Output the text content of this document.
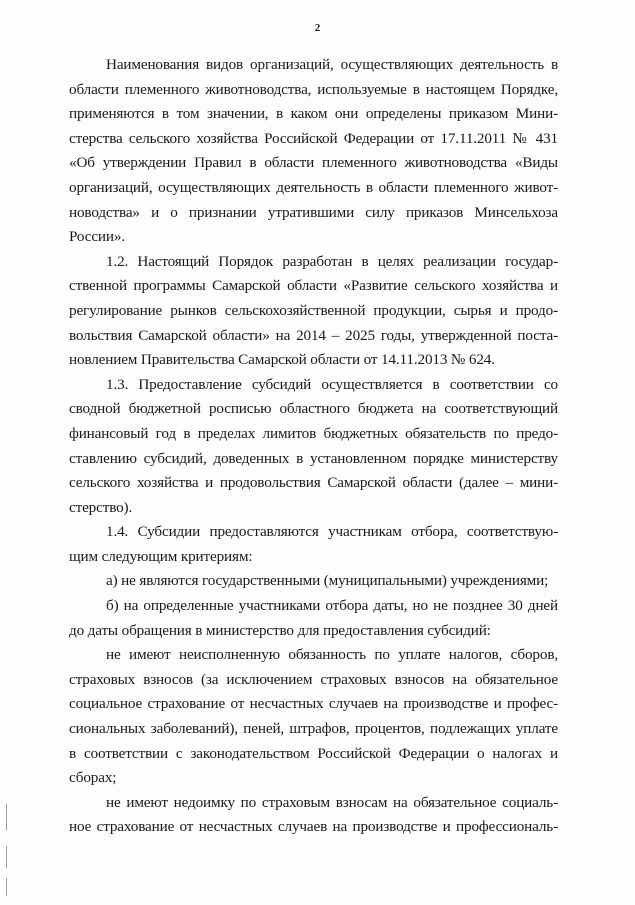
2
Наименования видов организаций, осуществляющих деятельность в
области племенного животноводства, используемые в настоящем Порядке,
применяются в том значении, в каком они определены приказом Мини-
стерства сельского хозяйства Российской Федерации от 17.11.2011 № 431
«Об утверждении Правил в области племенного животноводства «Виды
организаций, осуществляющих деятельность в области племенного живот-
новодства» и о признании утратившими силу приказов Минсельхоза
России».
1.2. Настоящий Порядок разработан в целях реализации государ-
ственной программы Самарской области «Развитие сельского хозяйства и
регулирование рынков сельскохозяйственной продукции, сырья и продо-
вольствия Самарской области» на 2014 – 2025 годы, утвержденной поста-
новлением Правительства Самарской области от 14.11.2013 № 624.
1.3. Предоставление субсидий осуществляется в соответствии со
сводной бюджетной росписью областного бюджета на соответствующий
финансовый год в пределах лимитов бюджетных обязательств по предо-
ставлению субсидий, доведенных в установленном порядке министерству
сельского хозяйства и продовольствия Самарской области (далее – мини-
стерство).
1.4. Субсидии предоставляются участникам отбора, соответствую-
щим следующим критериям:
а) не являются государственными (муниципальными) учреждениями;
б) на определенные участниками отбора даты, но не позднее 30 дней
до даты обращения в министерство для предоставления субсидий:
не имеют неисполненную обязанность по уплате налогов, сборов,
страховых взносов (за исключением страховых взносов на обязательное
социальное страхование от несчастных случаев на производстве и профес-
сиональных заболеваний), пеней, штрафов, процентов, подлежащих уплате
в соответствии с законодательством Российской Федерации о налогах и
сборах;
не имеют недоимку по страховым взносам на обязательное социаль-
ное страхование от несчастных случаев на производстве и профессиональ-
